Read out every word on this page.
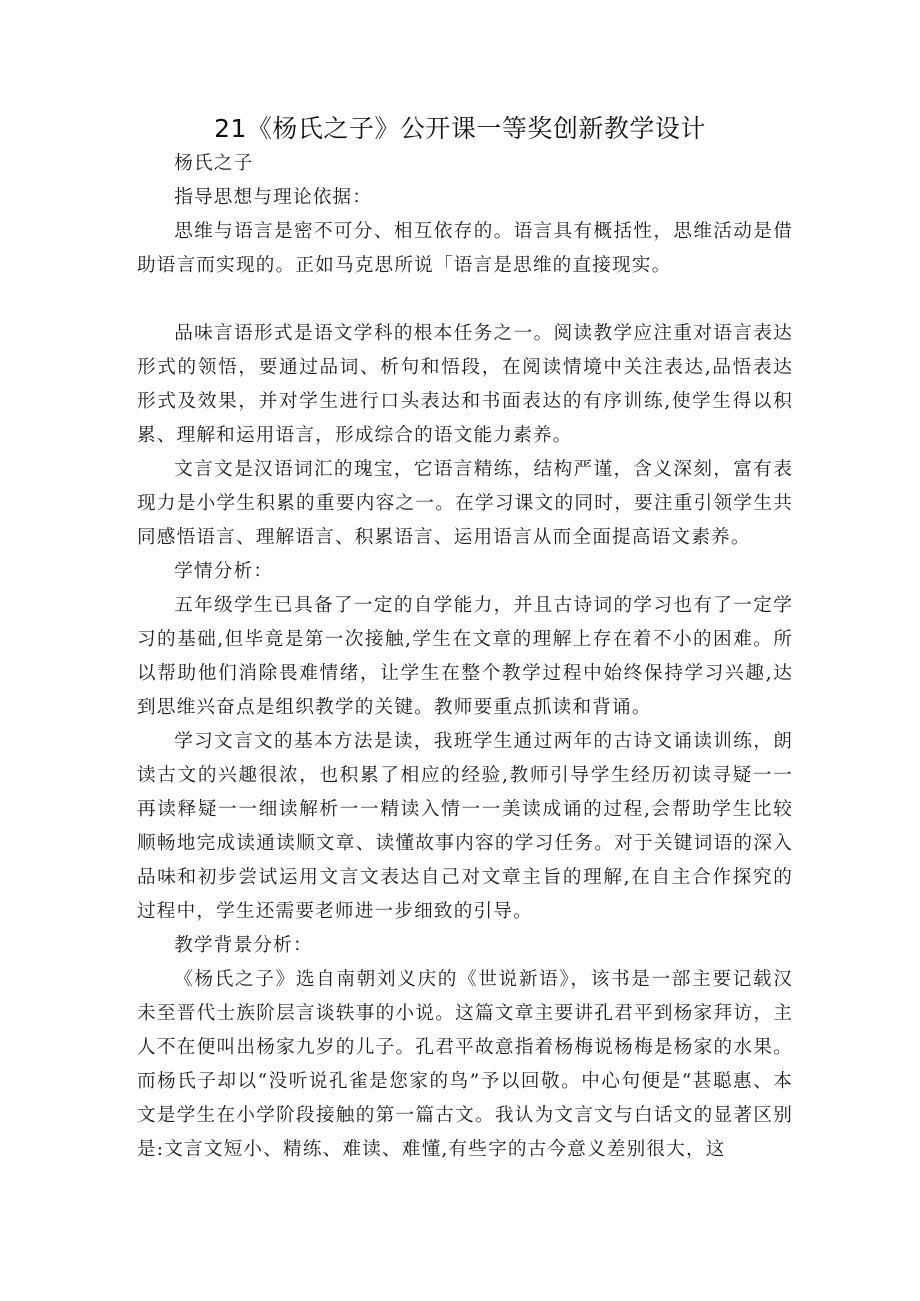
21《杨氏之子》公开课一等奖创新教学设计

杨氏之子

指导思想与理论依据：

思维与语言是密不可分、相互依存的。语言具有概括性，思维活动是借助语言而实现的。正如马克思所说「语言是思维的直接现实。

品味言语形式是语文学科的根本任务之一。阅读教学应注重对语言表达形式的领悟，要通过品词、析句和悟段，在阅读情境中关注表达,品悟表达形式及效果，并对学生进行口头表达和书面表达的有序训练,使学生得以积累、理解和运用语言，形成综合的语文能力素养。

文言文是汉语词汇的瑰宝，它语言精练，结构严谨，含义深刻，富有表现力是小学生积累的重要内容之一。在学习课文的同时，要注重引领学生共同感悟语言、理解语言、积累语言、运用语言从而全面提高语文素养。

学情分析：

五年级学生已具备了一定的自学能力，并且古诗词的学习也有了一定学习的基础,但毕竟是第一次接触,学生在文章的理解上存在着不小的困难。所以帮助他们消除畏难情绪，让学生在整个教学过程中始终保持学习兴趣,达到思维兴奋点是组织教学的关键。教师要重点抓读和背诵。

学习文言文的基本方法是读，我班学生通过两年的古诗文诵读训练，朗读古文的兴趣很浓，也积累了相应的经验,教师引导学生经历初读寻疑一一再读释疑一一细读解析一一精读入情一一美读成诵的过程,会帮助学生比较顺畅地完成读通读顺文章、读懂故事内容的学习任务。对于关键词语的深入品味和初步尝试运用文言文表达自己对文章主旨的理解,在自主合作探究的过程中，学生还需要老师进一步细致的引导。

教学背景分析：

《杨氏之子》选自南朝刘义庆的《世说新语》，该书是一部主要记载汉未至晋代士族阶层言谈轶事的小说。这篇文章主要讲孔君平到杨家拜访，主人不在便叫出杨家九岁的儿子。孔君平故意指着杨梅说杨梅是杨家的水果。而杨氏子却以“没听说孔雀是您家的鸟”予以回敬。中心句便是“甚聪惠、本文是学生在小学阶段接触的第一篇古文。我认为文言文与白话文的显著区别是:文言文短小、精练、难读、难懂,有些字的古今意义差别很大，这
